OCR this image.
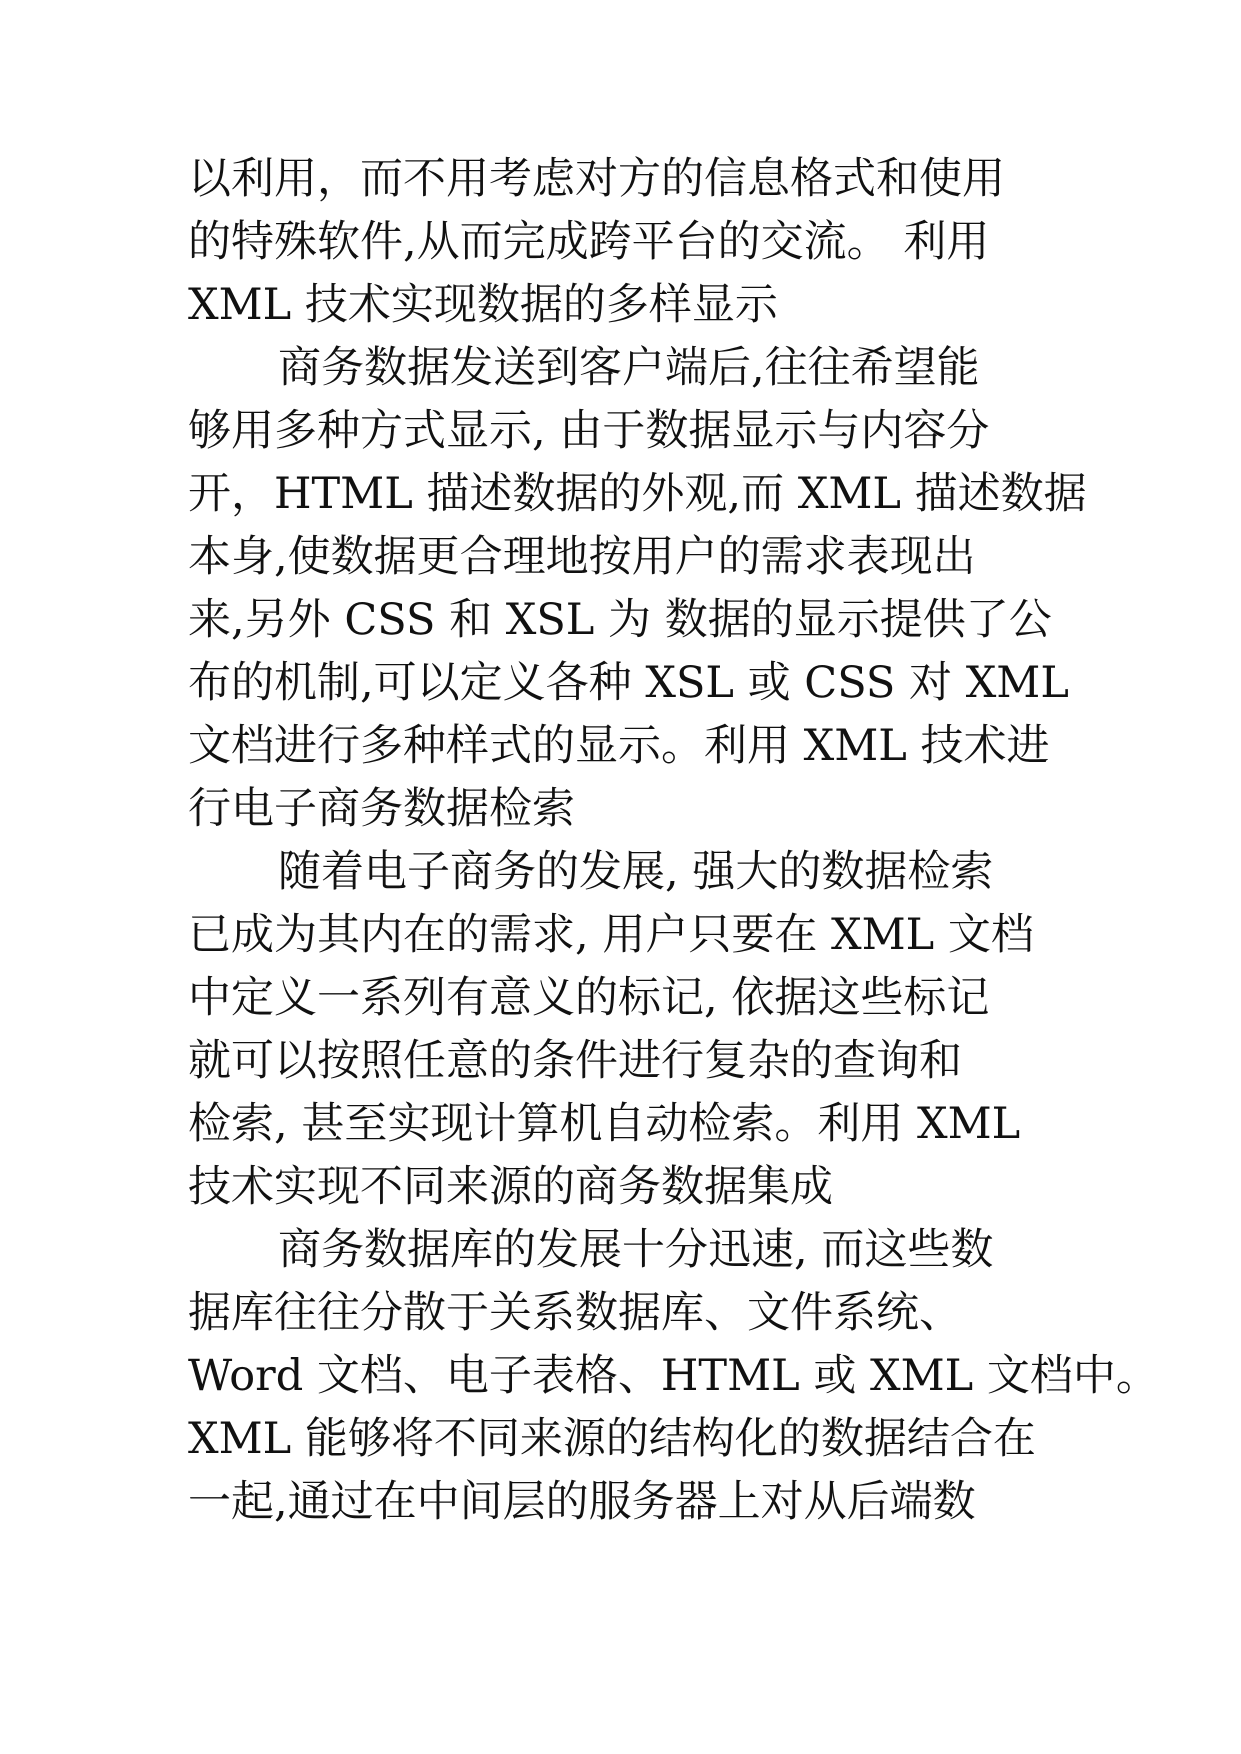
以利用，而不用考虑对方的信息格式和使用
的特殊软件,从而完成跨平台的交流。 利用
XML 技术实现数据的多样显示
商务数据发送到客户端后,往往希望能
够用多种方式显示, 由于数据显示与内容分
开，HTML 描述数据的外观,而 XML 描述数据
本身,使数据更合理地按用户的需求表现出
来,另外 CSS 和 XSL 为 数据的显示提供了公
布的机制,可以定义各种 XSL 或 CSS 对 XML
文档进行多种样式的显示。利用 XML 技术进
行电子商务数据检索
随着电子商务的发展, 强大的数据检索
已成为其内在的需求, 用户只要在 XML 文档
中定义一系列有意义的标记, 依据这些标记
就可以按照任意的条件进行复杂的查询和
检索, 甚至实现计算机自动检索。利用 XML
技术实现不同来源的商务数据集成
商务数据库的发展十分迅速, 而这些数
据库往往分散于关系数据库、文件系统、
Word 文档、电子表格、HTML 或 XML 文档中。
XML 能够将不同来源的结构化的数据结合在
一起,通过在中间层的服务器上对从后端数
